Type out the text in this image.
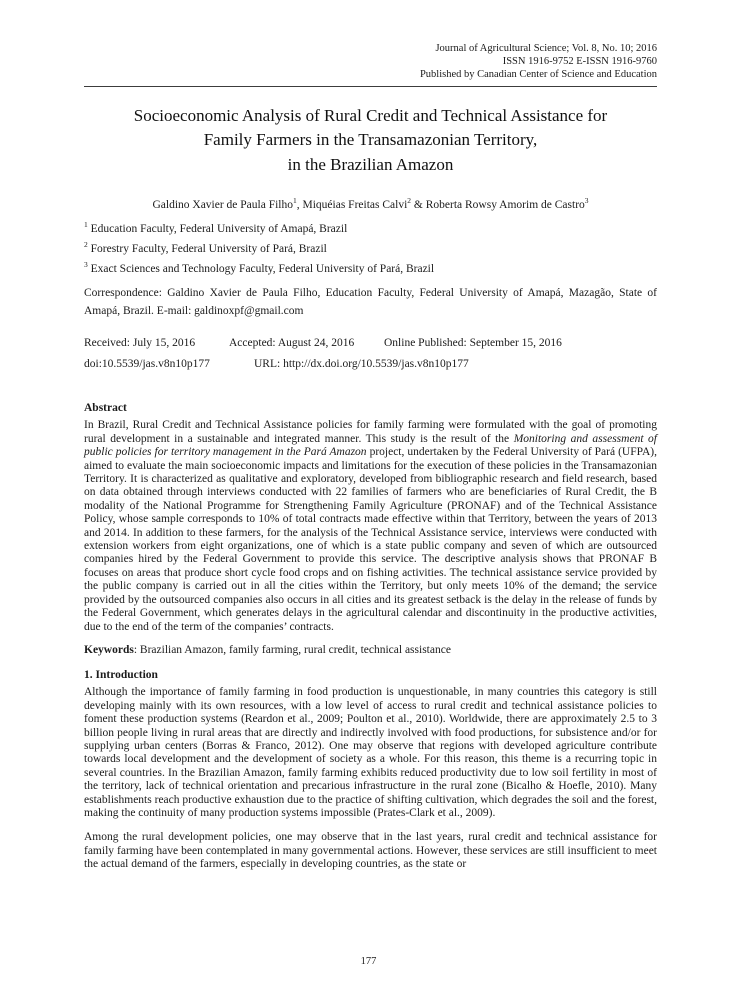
Journal of Agricultural Science; Vol. 8, No. 10; 2016
ISSN 1916-9752 E-ISSN 1916-9760
Published by Canadian Center of Science and Education
Socioeconomic Analysis of Rural Credit and Technical Assistance for
Family Farmers in the Transamazonian Territory,
in the Brazilian Amazon

Galdino Xavier de Paula Filho$^1$, Miquéias Freitas Calvi$^2$ & Roberta Rowsy Amorim de Castro$^3$

$^1$ Education Faculty, Federal University of Amapá, Brazil

$^2$ Forestry Faculty, Federal University of Pará, Brazil

$^3$ Exact Sciences and Technology Faculty, Federal University of Pará, Brazil

Correspondence: Galdino Xavier de Paula Filho, Education Faculty, Federal University of Amapá, Mazagão, State of Amapá, Brazil. E-mail: galdinoxpf@gmail.com

Received: July 15, 2016	Accepted: August 24, 2016	Online Published: September 15, 2016
doi:10.5539/jas.v8n10p177	URL: http://dx.doi.org/10.5539/jas.v8n10p177
Abstract

In Brazil, Rural Credit and Technical Assistance policies for family farming were formulated with the goal of promoting rural development in a sustainable and integrated manner. This study is the result of the Monitoring and assessment of public policies for territory management in the Pará Amazon project, undertaken by the Federal University of Pará (UFPA), aimed to evaluate the main socioeconomic impacts and limitations for the execution of these policies in the Transamazonian Territory. It is characterized as qualitative and exploratory, developed from bibliographic research and field research, based on data obtained through interviews conducted with 22 families of farmers who are beneficiaries of Rural Credit, the B modality of the National Programme for Strengthening Family Agriculture (PRONAF) and of the Technical Assistance Policy, whose sample corresponds to 10% of total contracts made effective within that Territory, between the years of 2013 and 2014. In addition to these farmers, for the analysis of the Technical Assistance service, interviews were conducted with extension workers from eight organizations, one of which is a state public company and seven of which are outsourced companies hired by the Federal Government to provide this service. The descriptive analysis shows that PRONAF B focuses on areas that produce short cycle food crops and on fishing activities. The technical assistance service provided by the public company is carried out in all the cities within the Territory, but only meets 10% of the demand; the service provided by the outsourced companies also occurs in all cities and its greatest setback is the delay in the release of funds by the Federal Government, which generates delays in the agricultural calendar and discontinuity in the productive activities, due to the end of the term of the companies’ contracts.

Keywords: Brazilian Amazon, family farming, rural credit, technical assistance

1. Introduction

Although the importance of family farming in food production is unquestionable, in many countries this category is still developing mainly with its own resources, with a low level of access to rural credit and technical assistance policies to foment these production systems (Reardon et al., 2009; Poulton et al., 2010). Worldwide, there are approximately 2.5 to 3 billion people living in rural areas that are directly and indirectly involved with food productions, for subsistence and/or for supplying urban centers (Borras & Franco, 2012). One may observe that regions with developed agriculture contribute towards local development and the development of society as a whole. For this reason, this theme is a recurring topic in several countries. In the Brazilian Amazon, family farming exhibits reduced productivity due to low soil fertility in most of the territory, lack of technical orientation and precarious infrastructure in the rural zone (Bicalho & Hoefle, 2010). Many establishments reach productive exhaustion due to the practice of shifting cultivation, which degrades the soil and the forest, making the continuity of many production systems impossible (Prates-Clark et al., 2009).

Among the rural development policies, one may observe that in the last years, rural credit and technical assistance for family farming have been contemplated in many governmental actions. However, these services are still insufficient to meet the actual demand of the farmers, especially in developing countries, as the state or

177
